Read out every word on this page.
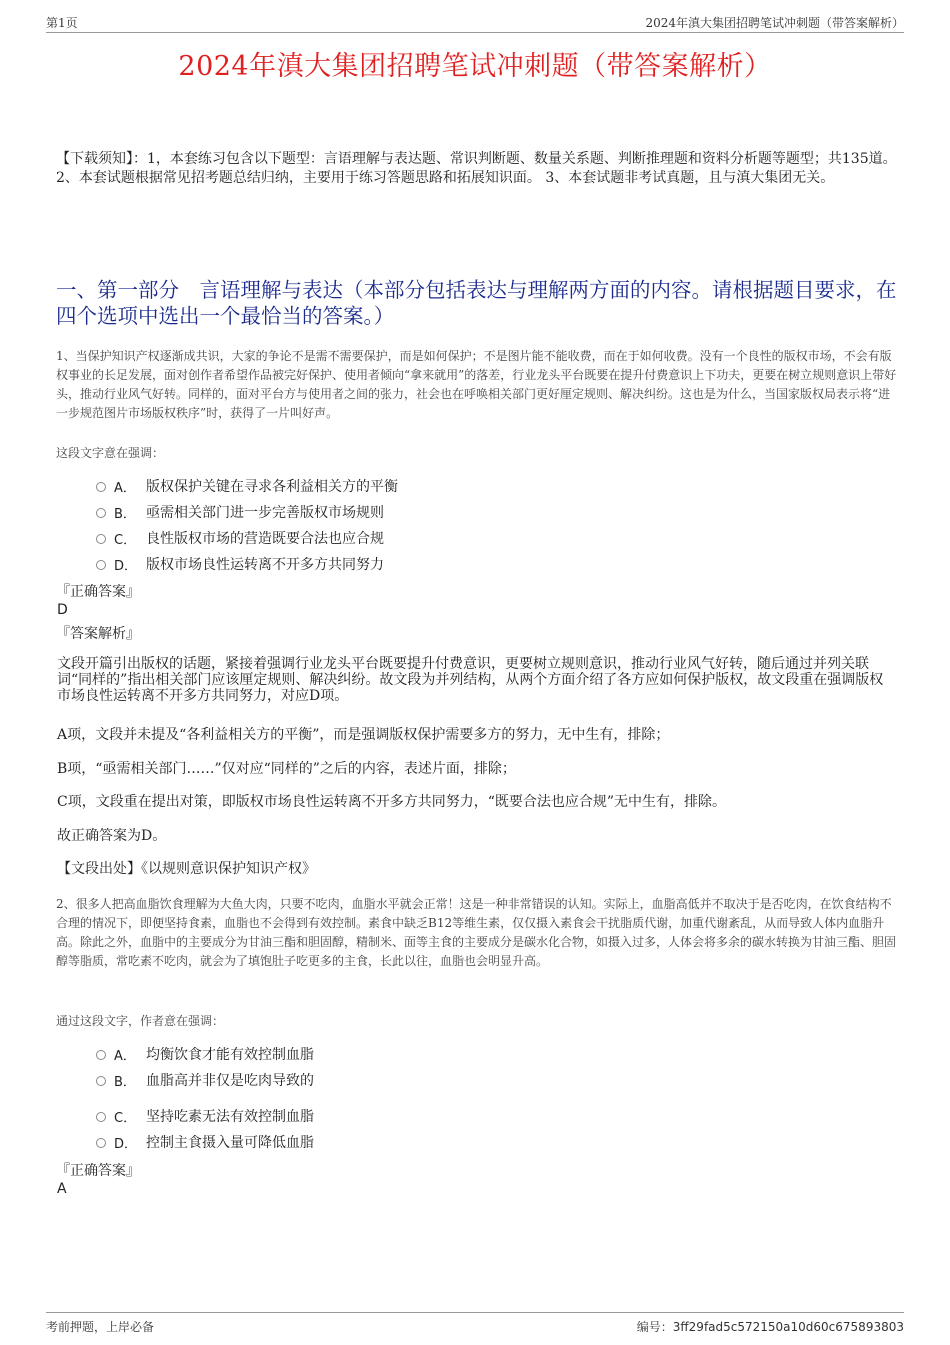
第1页	2024年滇大集团招聘笔试冲刺题（带答案解析）
2024年滇大集团招聘笔试冲刺题（带答案解析）
【下载须知】：1，本套练习包含以下题型：言语理解与表达题、常识判断题、数量关系题、判断推理题和资料分析题等题型；共135道。 2、本套试题根据常见招考题总结归纳，主要用于练习答题思路和拓展知识面。 3、本套试题非考试真题，且与滇大集团无关。
一、第一部分　言语理解与表达（本部分包括表达与理解两方面的内容。请根据题目要求，在四个选项中选出一个最恰当的答案。）
1、当保护知识产权逐渐成共识，大家的争论不是需不需要保护，而是如何保护；不是图片能不能收费，而在于如何收费。没有一个良性的版权市场，不会有版权事业的长足发展，面对创作者希望作品被完好保护、使用者倾向“拿来就用”的落差，行业龙头平台既要在提升付费意识上下功夫，更要在树立规则意识上带好头，推动行业风气好转。同样的，面对平台方与使用者之间的张力，社会也在呼唤相关部门更好厘定规则、解决纠纷。这也是为什么，当国家版权局表示将“进一步规范图片市场版权秩序”时，获得了一片叫好声。
这段文字意在强调：
A． 版权保护关键在寻求各利益相关方的平衡
B． 亟需相关部门进一步完善版权市场规则
C． 良性版权市场的营造既要合法也应合规
D． 版权市场良性运转离不开多方共同努力
『正确答案』
D
『答案解析』
文段开篇引出版权的话题，紧接着强调行业龙头平台既要提升付费意识，更要树立规则意识，推动行业风气好转，随后通过并列关联词“同样的”指出相关部门应该厘定规则、解决纠纷。故文段为并列结构，从两个方面介绍了各方应如何保护版权，故文段重在强调版权市场良性运转离不开多方共同努力，对应D项。
A项，文段并未提及“各利益相关方的平衡”，而是强调版权保护需要多方的努力，无中生有，排除；
B项，“亟需相关部门……”仅对应“同样的”之后的内容，表述片面，排除；
C项，文段重在提出对策，即版权市场良性运转离不开多方共同努力，“既要合法也应合规”无中生有，排除。
故正确答案为D。
【文段出处】《以规则意识保护知识产权》
2、很多人把高血脂饮食理解为大鱼大肉，只要不吃肉，血脂水平就会正常！这是一种非常错误的认知。实际上，血脂高低并不取决于是否吃肉，在饮食结构不合理的情况下，即便坚持食素，血脂也不会得到有效控制。素食中缺乏B12等维生素，仅仅摄入素食会干扰脂质代谢，加重代谢紊乱，从而导致人体内血脂升高。除此之外，血脂中的主要成分为甘油三酯和胆固醇，精制米、面等主食的主要成分是碳水化合物，如摄入过多，人体会将多余的碳水转换为甘油三酯、胆固醇等脂质，常吃素不吃肉，就会为了填饱肚子吃更多的主食，长此以往，血脂也会明显升高。
通过这段文字，作者意在强调：
A． 均衡饮食才能有效控制血脂
B． 血脂高并非仅是吃肉导致的
C． 坚持吃素无法有效控制血脂
D． 控制主食摄入量可降低血脂
『正确答案』
A
考前押题，上岸必备	编号：3ff29fad5c572150a10d60c675893803
